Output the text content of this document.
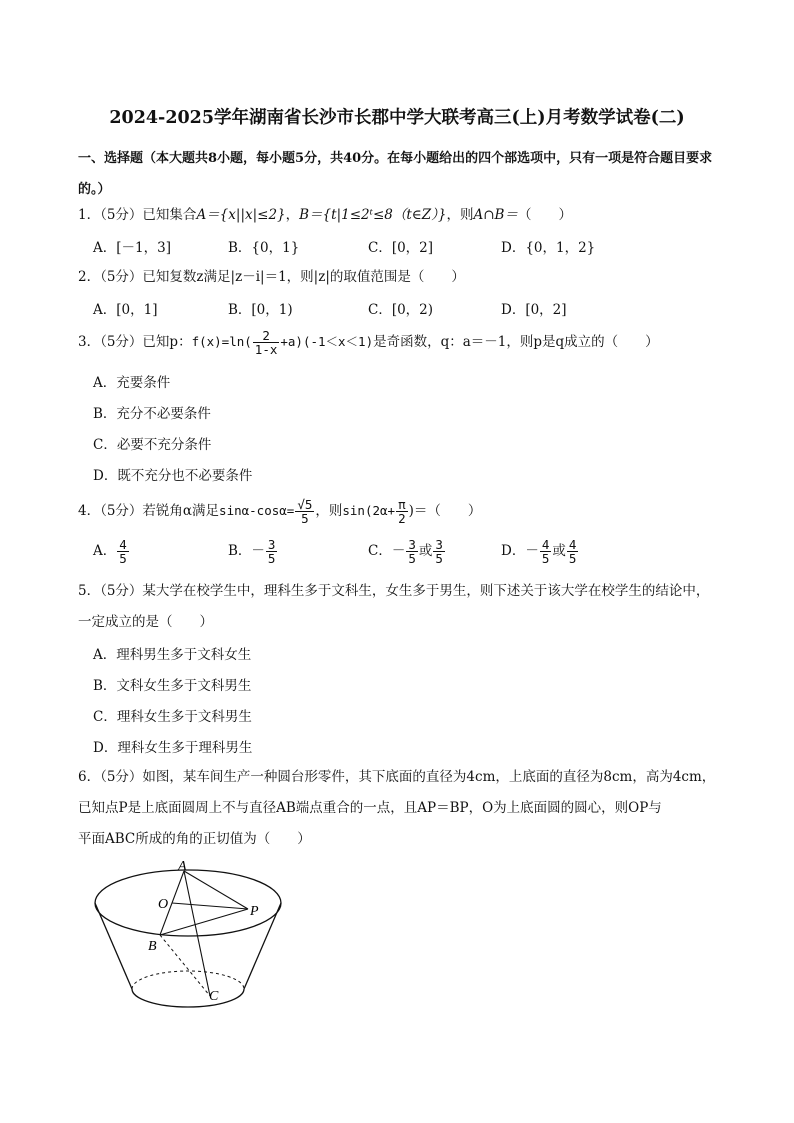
2024-2025学年湖南省长沙市长郡中学大联考高三(上)月考数学试卷(二)
一、选择题（本大题共8小题，每小题5分，共40分。在每小题给出的四个部选项中，只有一项是符合题目要求的。）
1．（5分）已知集合A＝{x||x|≤2}，B＝{t|1≤2ᵗ≤8（t∈Z）}，则A∩B＝（　　）
A．[－1，3]	B．{0，1}	C．[0，2]	D．{0，1，2}
2．（5分）已知复数z满足|z－i|＝1，则|z|的取值范围是（　　）
A．[0，1]	B．[0，1)	C．[0，2)	D．[0，2]
3．（5分）已知p：$f(x)=\ln( \frac{2}{1-x} +a)(-1<x<1)$是奇函数，q：a＝－1，则p是q成立的（　　）
A．充要条件
B．充分不必要条件
C．必要不充分条件
D．既不充分也不必要条件
4．（5分）若锐角α满足$\sin\alpha-\cos\alpha= \frac{√5}{5}$ ，则$\sin(2\alpha+ \frac{\pi}{2}$ )＝（　　）
A． $\frac{4}{5}$	B．－ $\frac{3}{5}$	C．－ $\frac{3}{5}$ 或 $\frac{3}{5}$	D．－ $\frac{4}{5}$ 或 $\frac{4}{5}$
5．（5分）某大学在校学生中，理科生多于文科生，女生多于男生，则下述关于该大学在校学生的结论中，
一定成立的是（　　）
A．理科男生多于文科女生
B．文科女生多于文科男生
C．理科女生多于文科男生
D．理科女生多于理科男生
6．（5分）如图，某车间生产一种圆台形零件，其下底面的直径为4cm，上底面的直径为8cm，高为4cm，
已知点P是上底面圆周上不与直径AB端点重合的一点，且AP＝BP，O为上底面圆的圆心，则OP与
平面ABC所成的角的正切值为（　　）
A
O	P
B
C
